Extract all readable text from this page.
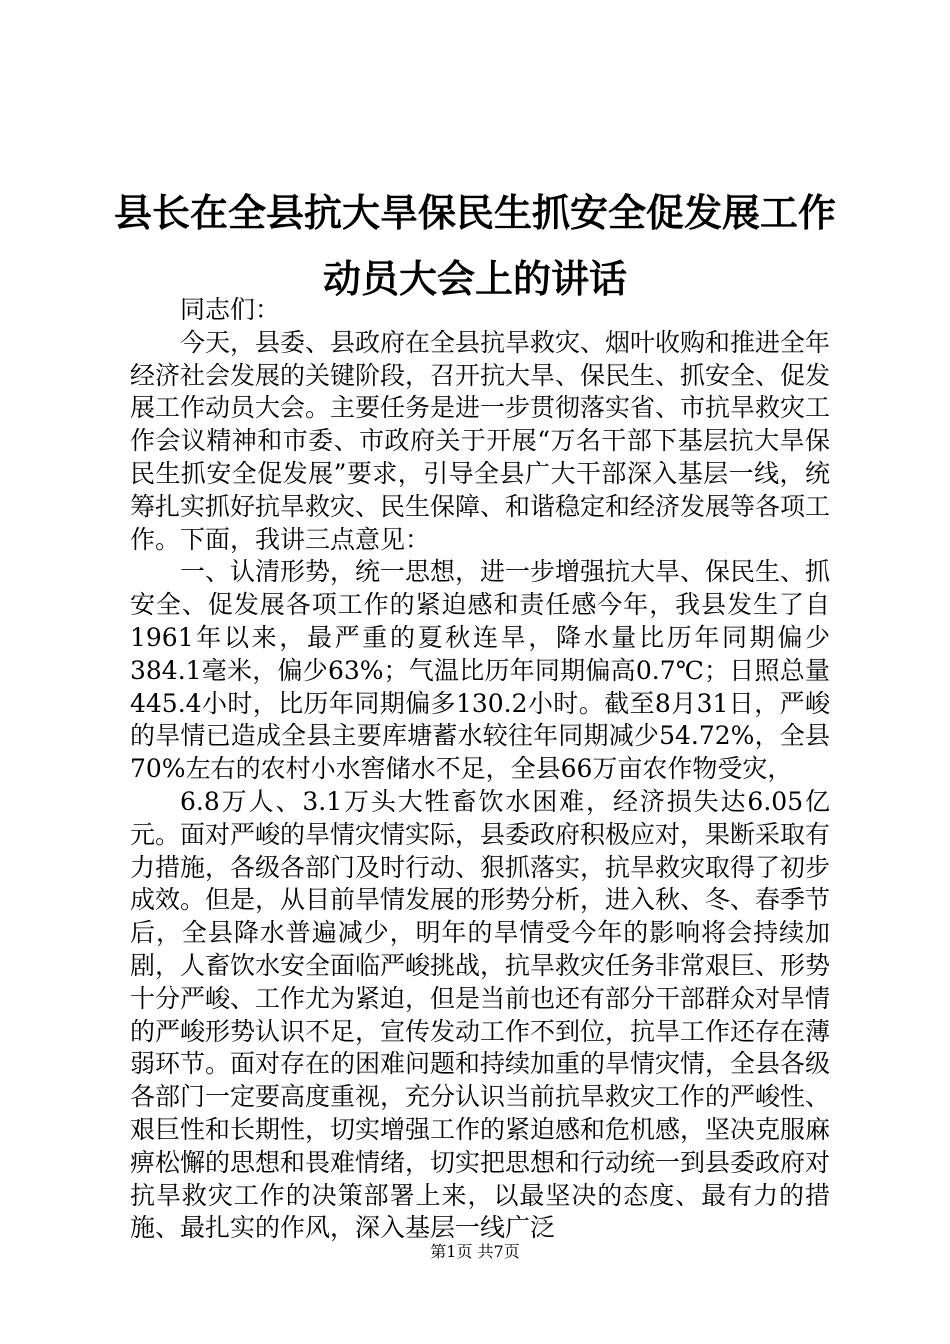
县长在全县抗大旱保民生抓安全促发展工作动员大会上的讲话

同志们：

今天，县委、县政府在全县抗旱救灾、烟叶收购和推进全年经济社会发展的关键阶段，召开抗大旱、保民生、抓安全、促发展工作动员大会。主要任务是进一步贯彻落实省、市抗旱救灾工作会议精神和市委、市政府关于开展“万名干部下基层抗大旱保民生抓安全促发展”要求，引导全县广大干部深入基层一线，统筹扎实抓好抗旱救灾、民生保障、和谐稳定和经济发展等各项工作。下面，我讲三点意见：

一、认清形势，统一思想，进一步增强抗大旱、保民生、抓安全、促发展各项工作的紧迫感和责任感今年，我县发生了自1961年以来，最严重的夏秋连旱，降水量比历年同期偏少384.1毫米，偏少63%；气温比历年同期偏高0.7℃；日照总量445.4小时，比历年同期偏多130.2小时。截至8月31日，严峻的旱情已造成全县主要库塘蓄水较往年同期减少54.72%，全县70%左右的农村小水窖储水不足，全县66万亩农作物受灾，

6.8万人、3.1万头大牲畜饮水困难，经济损失达6.05亿元。面对严峻的旱情灾情实际，县委政府积极应对，果断采取有力措施，各级各部门及时行动、狠抓落实，抗旱救灾取得了初步成效。但是，从目前旱情发展的形势分析，进入秋、冬、春季节后，全县降水普遍减少，明年的旱情受今年的影响将会持续加剧，人畜饮水安全面临严峻挑战，抗旱救灾任务非常艰巨、形势十分严峻、工作尤为紧迫，但是当前也还有部分干部群众对旱情的严峻形势认识不足，宣传发动工作不到位，抗旱工作还存在薄弱环节。面对存在的困难问题和持续加重的旱情灾情，全县各级各部门一定要高度重视，充分认识当前抗旱救灾工作的严峻性、艰巨性和长期性，切实增强工作的紧迫感和危机感，坚决克服麻痹松懈的思想和畏难情绪，切实把思想和行动统一到县委政府对抗旱救灾工作的决策部署上来，以最坚决的态度、最有力的措施、最扎实的作风，深入基层一线广泛

第1页 共7页
